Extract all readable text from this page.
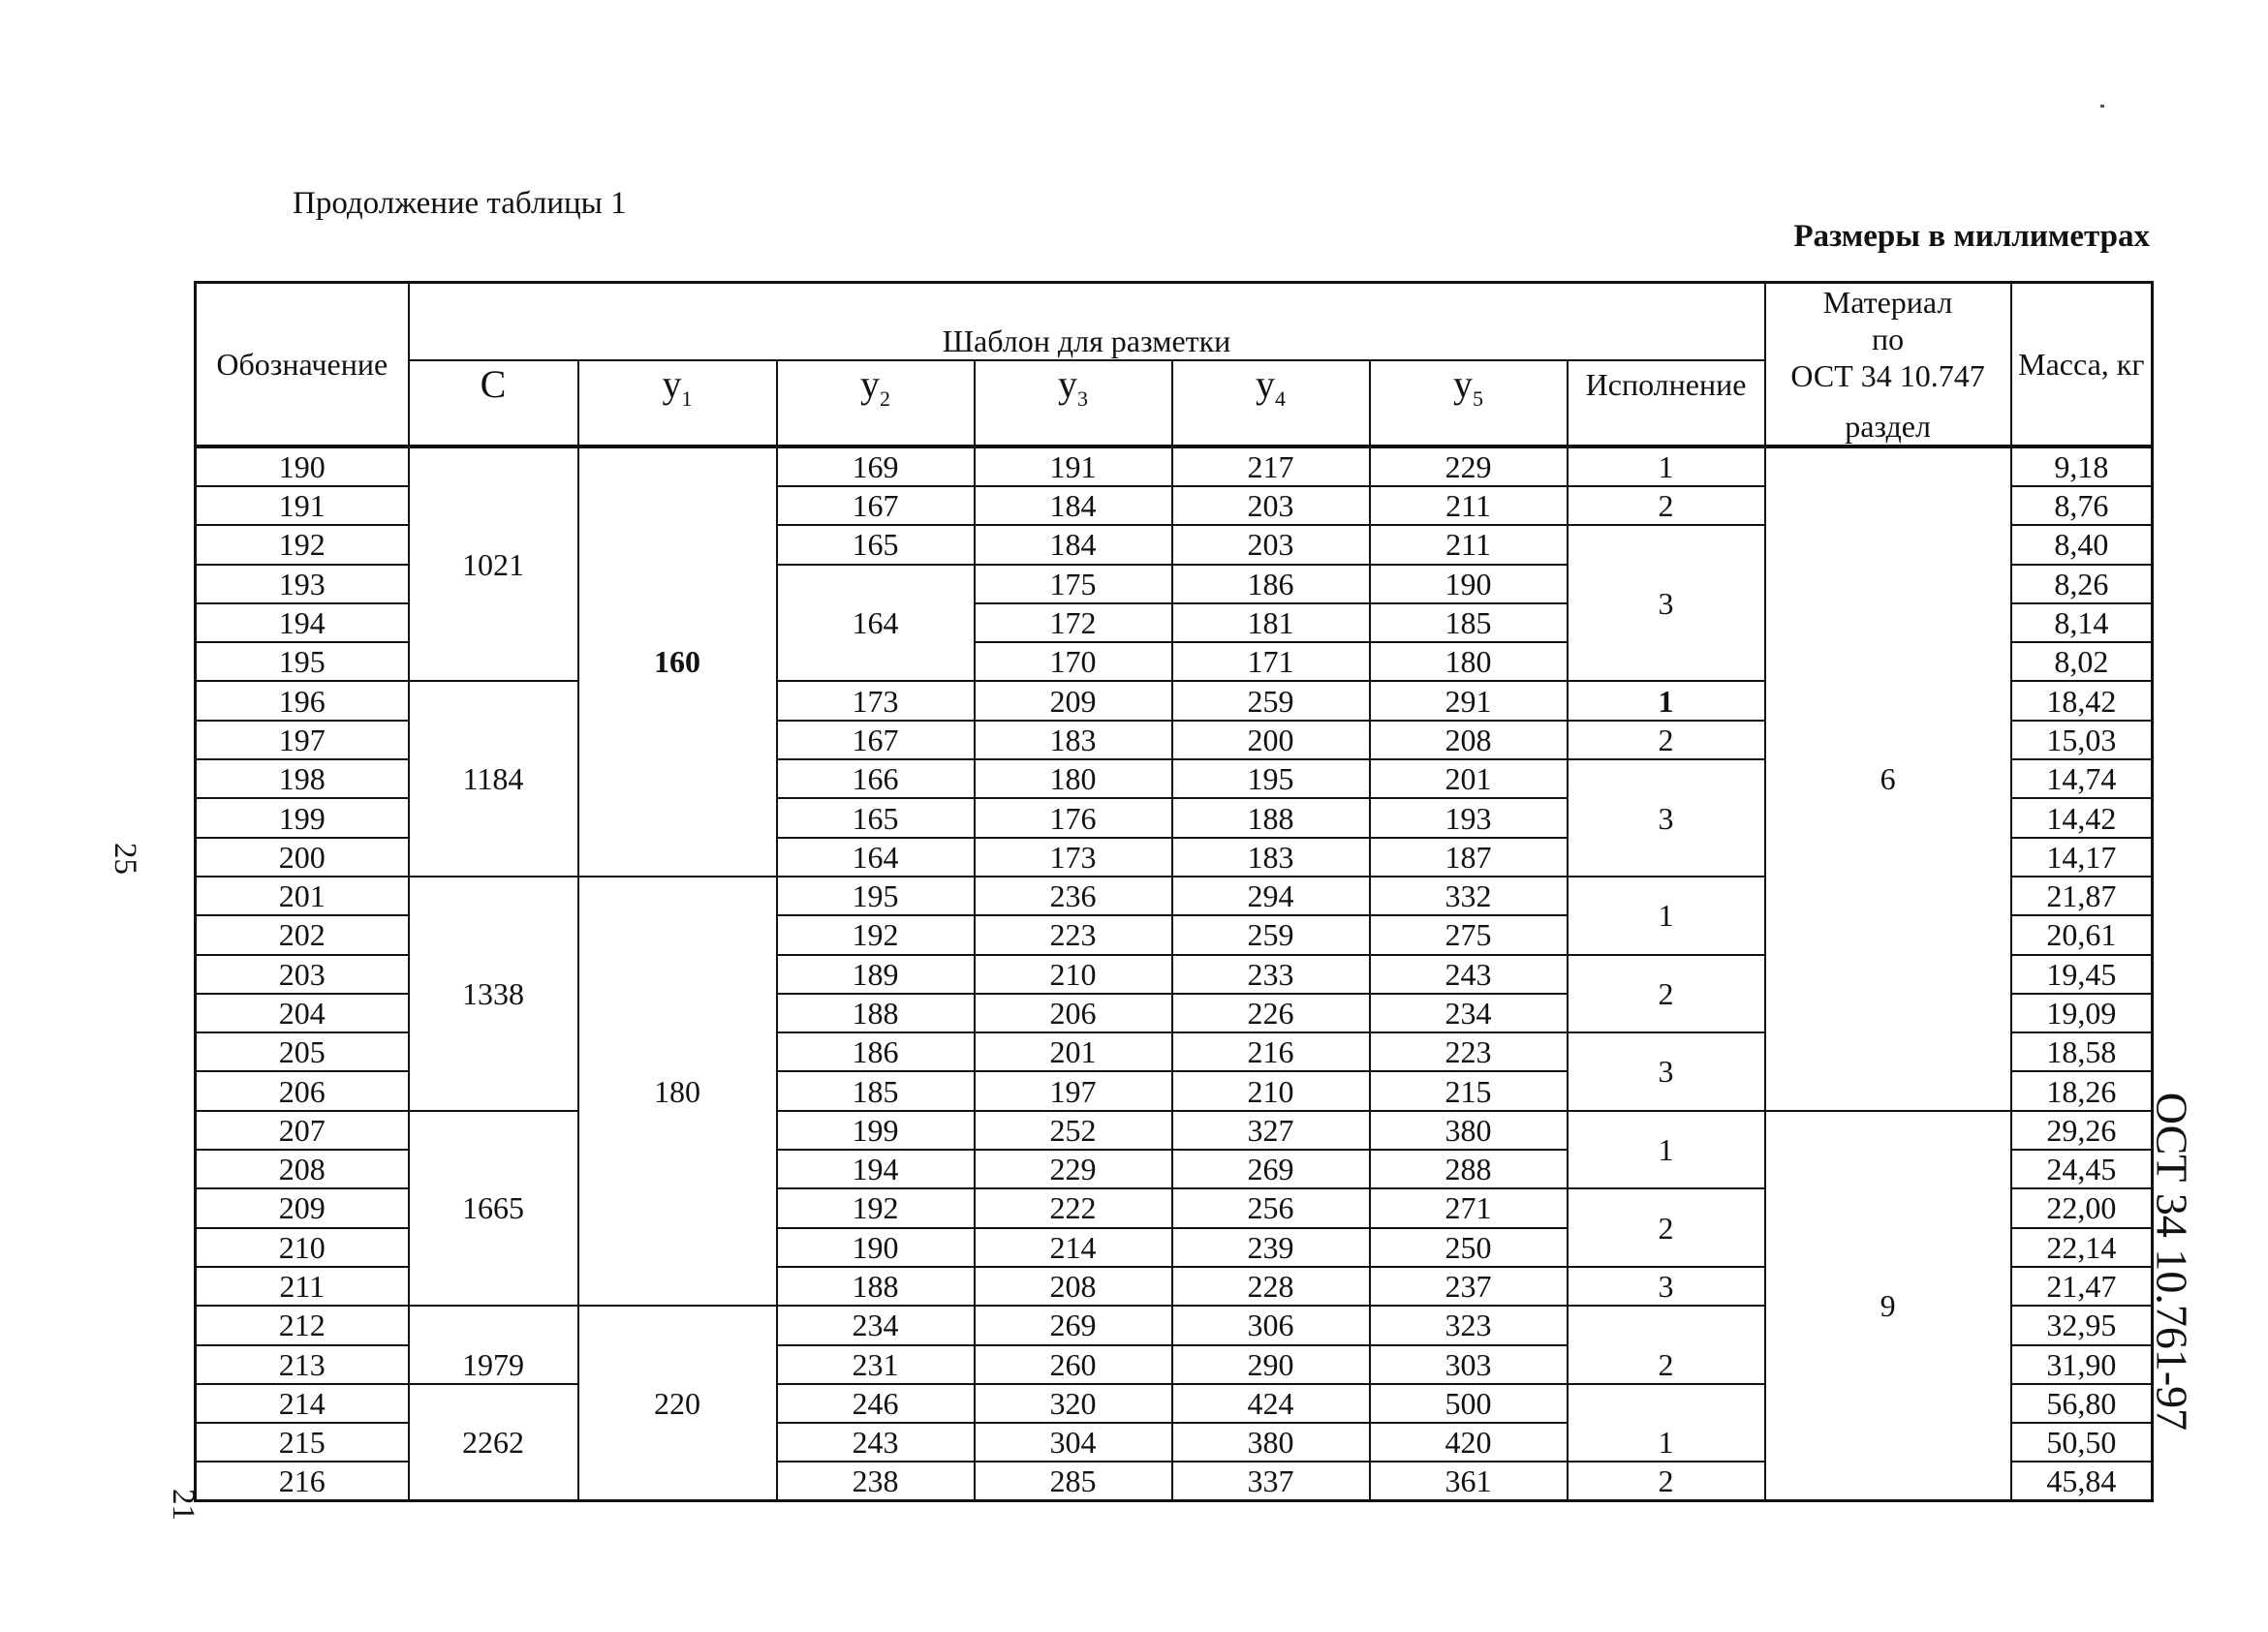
Продолжение таблицы 1
Размеры в миллиметрах
25
21
ОСТ 34 10.761-97
Обозначение	Шаблон для разметки							Материал
по
ОСТ 34 10.747
раздел	Масса, кг
	C	$y_1$	$y_2$	$y_3$	$y_4$	$y_5$	Исполнение		
190	1021	160	169	191	217	229	1	6	9,18
191			167	184	203	211	2		8,76
192			165	184	203	211	3		8,40
193			164	175	186	190			8,26
194				172	181	185			8,14
195				170	171	180			8,02
196	1184		173	209	259	291	1		18,42
197			167	183	200	208	2		15,03
198			166	180	195	201	3		14,74
199			165	176	188	193			14,42
200			164	173	183	187			14,17
201	1338	180	195	236	294	332	1		21,87
202			192	223	259	275			20,61
203			189	210	233	243	2		19,45
204			188	206	226	234			19,09
205			186	201	216	223	3		18,58
206			185	197	210	215			18,26
207	1665		199	252	327	380	1	9	29,26
208			194	229	269	288			24,45
209			192	222	256	271	2		22,00
210			190	214	239	250			22,14
211			188	208	228	237	3		21,47
212	1979	220	234	269	306	323	2		32,95
213			231	260	290	303			31,90
214	2262		246	320	424	500	1		56,80
215			243	304	380	420			50,50
216			238	285	337	361	2		45,84
